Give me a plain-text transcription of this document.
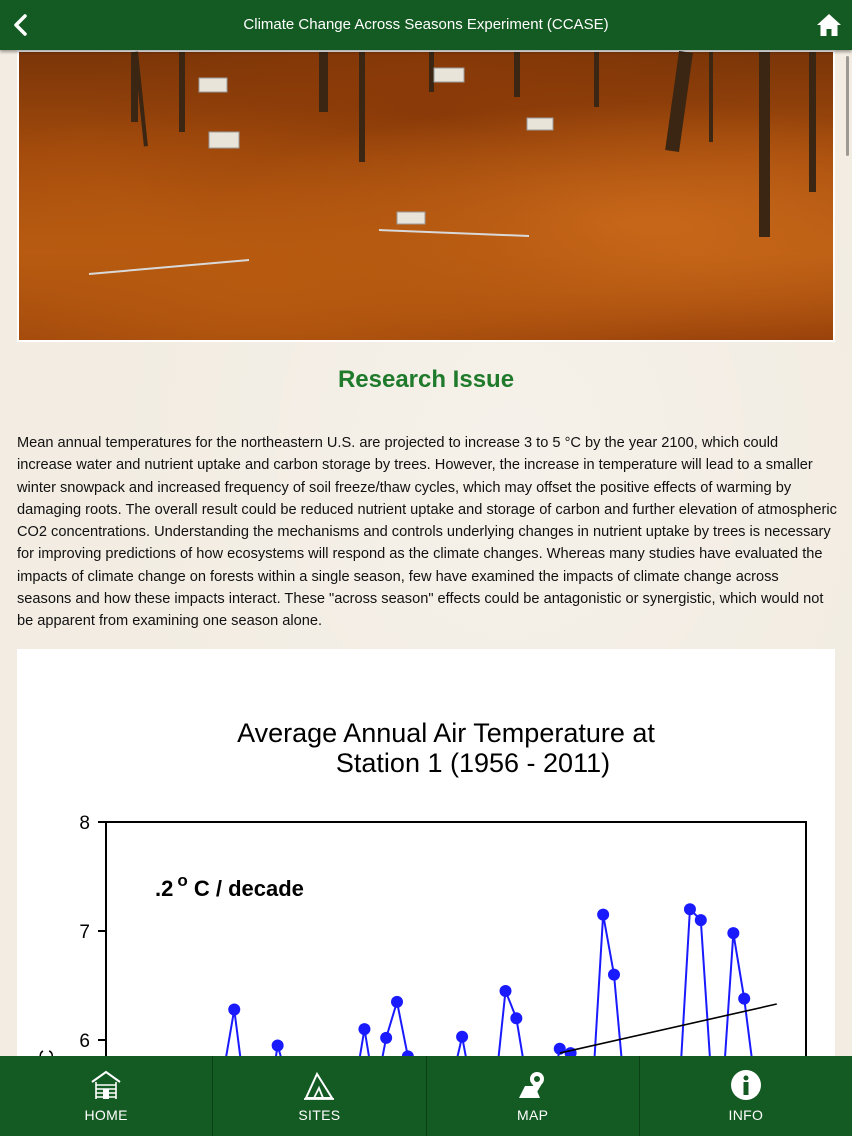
Climate Change Across Seasons Experiment (CCASE)
Research Issue

Mean annual temperatures for the northeastern U.S. are projected to increase 3 to 5 °C by the year 2100, which could increase water and nutrient uptake and carbon storage by trees. However, the increase in temperature will lead to a smaller winter snowpack and increased frequency of soil freeze/thaw cycles, which may offset the positive effects of warming by damaging roots. The overall result could be reduced nutrient uptake and storage of carbon and further elevation of atmospheric CO2 concentrations. Understanding the mechanisms and controls underlying changes in nutrient uptake by trees is necessary for improving predictions of how ecosystems will respond as the climate changes. Whereas many studies have evaluated the impacts of climate change on forests within a single season, few have examined the impacts of climate change across seasons and how these impacts interact. These "across season" effects could be antagonistic or synergistic, which would not be apparent from examining one season alone.

Average Annual Air Temperature at
Station 1 (1956 - 2011)
.2 $^o$ C / decade
8
7
6
HOME	SITES	MAP	INFO
